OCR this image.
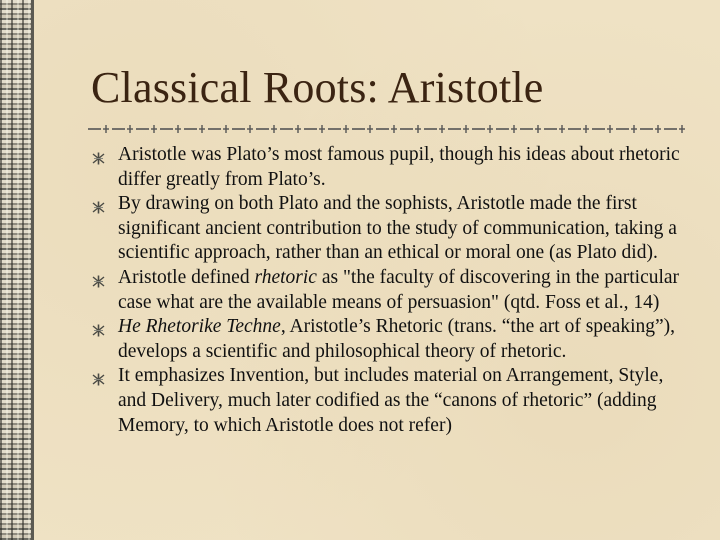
Classical Roots: Aristotle
Aristotle was Plato’s most famous pupil, though his ideas about rhetoric differ greatly from Plato’s.
By drawing on both Plato and the sophists, Aristotle made the first significant ancient contribution to the study of communication, taking a scientific approach, rather than an ethical or moral one (as Plato did).
Aristotle defined rhetoric as "the faculty of discovering in the particular case what are the available means of persuasion" (qtd. Foss et al., 14)
He Rhetorike Techne, Aristotle’s Rhetoric (trans. “the art of speaking”), develops a scientific and philosophical theory of rhetoric.
It emphasizes Invention, but includes material on Arrangement, Style, and Delivery, much later codified as the “canons of rhetoric” (adding Memory, to which Aristotle does not refer)
